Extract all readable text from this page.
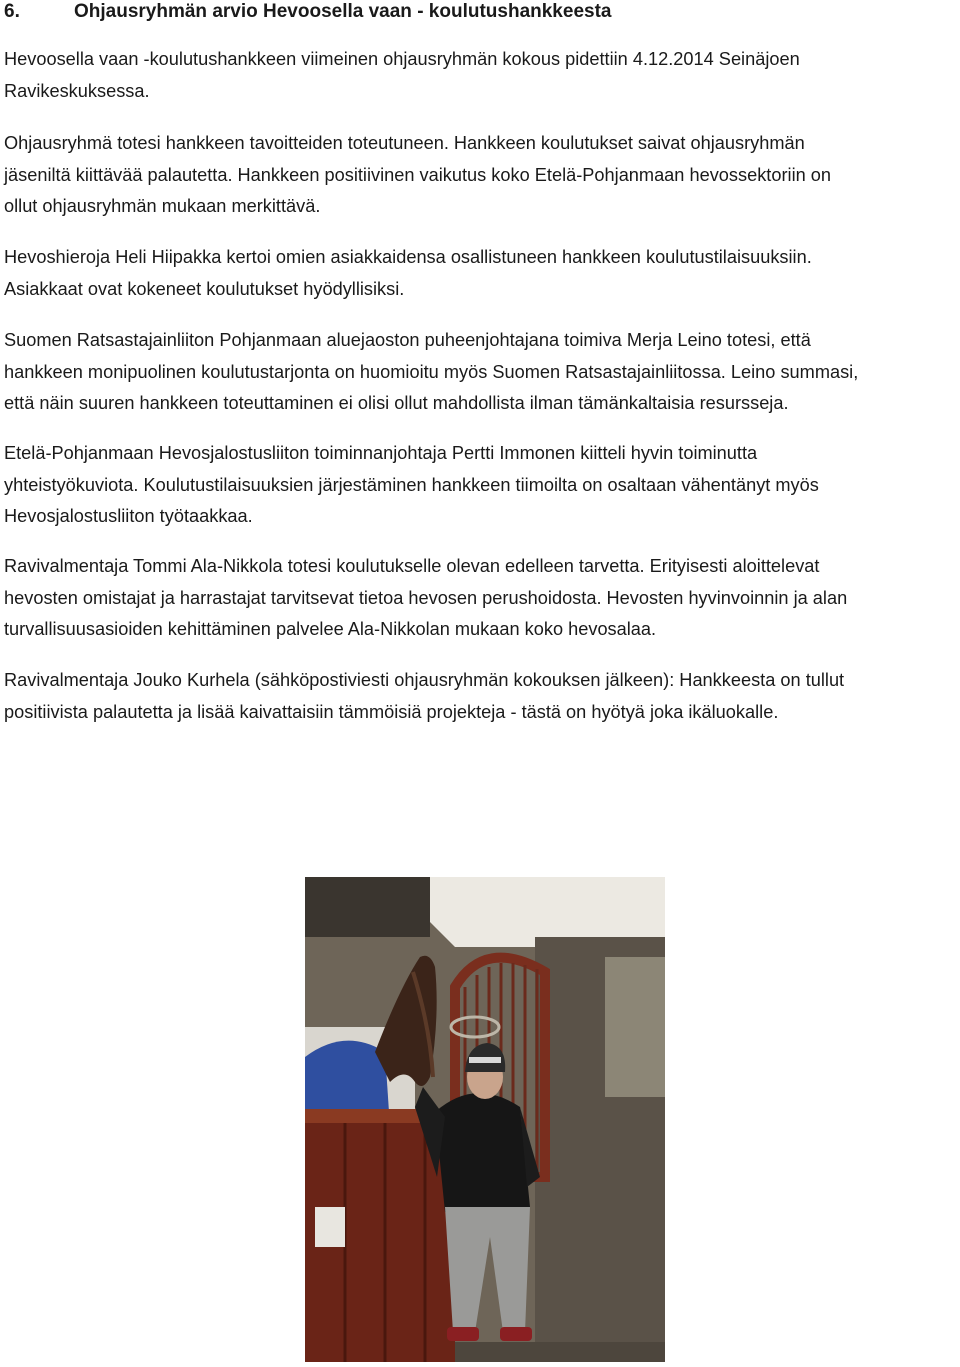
6.	Ohjausryhmän arvio Hevoosella vaan - koulutushankkeesta

Hevoosella vaan -koulutushankkeen viimeinen ohjausryhmän kokous pidettiin 4.12.2014 Seinäjoen
Ravikeskuksessa.

Ohjausryhmä totesi hankkeen tavoitteiden toteutuneen. Hankkeen koulutukset saivat ohjausryhmän
jäseniltä kiittävää palautetta. Hankkeen positiivinen vaikutus koko Etelä-Pohjanmaan hevossektoriin on
ollut ohjausryhmän mukaan merkittävä.

Hevoshieroja Heli Hiipakka kertoi omien asiakkaidensa osallistuneen hankkeen koulutustilaisuuksiin.
Asiakkaat ovat kokeneet koulutukset hyödyllisiksi.

Suomen Ratsastajainliiton Pohjanmaan aluejaoston puheenjohtajana toimiva Merja Leino totesi, että
hankkeen monipuolinen koulutustarjonta on huomioitu myös Suomen Ratsastajainliitossa. Leino summasi,
että näin suuren hankkeen toteuttaminen ei olisi ollut mahdollista ilman tämänkaltaisia resursseja.

Etelä-Pohjanmaan Hevosjalostusliiton toiminnanjohtaja Pertti Immonen kiitteli hyvin toiminutta
yhteistyökuviota. Koulutustilaisuuksien järjestäminen hankkeen tiimoilta on osaltaan vähentänyt myös
Hevosjalostusliiton työtaakkaa.

Ravivalmentaja Tommi Ala-Nikkola totesi koulutukselle olevan edelleen tarvetta. Erityisesti aloittelevat
hevosten omistajat ja harrastajat tarvitsevat tietoa hevosen perushoidosta. Hevosten hyvinvoinnin ja alan
turvallisuusasioiden kehittäminen palvelee Ala-Nikkolan mukaan koko hevosalaa.

Ravivalmentaja Jouko Kurhela (sähköpostiviesti ohjausryhmän kokouksen jälkeen): Hankkeesta on tullut
positiivista palautetta ja lisää kaivattaisiin tämmöisiä projekteja - tästä on hyötyä joka ikäluokalle.
